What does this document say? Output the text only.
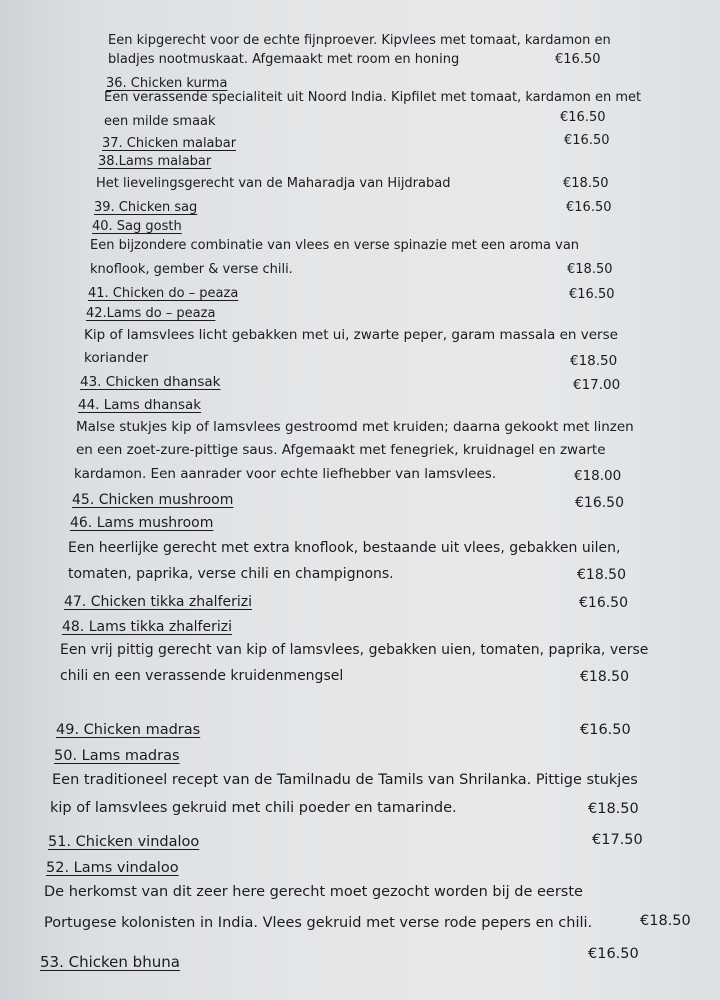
Een kipgerecht voor de echte fijnproever. Kipvlees met tomaat, kardamon en
bladjes nootmuskaat. Afgemaakt met room en honing
36. Chicken kurma
Een verassende specialiteit uit Noord India. Kipfilet met tomaat, kardamon en met
een milde smaak
37. Chicken malabar
38.Lams malabar
Het lievelingsgerecht van de Maharadja van Hijdrabad
39. Chicken sag
40. Sag gosth
Een bijzondere combinatie van vlees en verse spinazie met een aroma van
knoflook, gember & verse chili.
41. Chicken do – peaza
42.Lams do – peaza
Kip of lamsvlees licht gebakken met ui, zwarte peper, garam massala en verse
koriander
43. Chicken dhansak
44. Lams dhansak
Malse stukjes kip of lamsvlees gestroomd met kruiden; daarna gekookt met linzen
en een zoet-zure-pittige saus. Afgemaakt met fenegriek, kruidnagel en zwarte
kardamon. Een aanrader voor echte liefhebber van lamsvlees.
45. Chicken mushroom
46. Lams mushroom
Een heerlijke gerecht met extra knoflook, bestaande uit vlees, gebakken uilen,
tomaten, paprika, verse chili en champignons.
47. Chicken tikka zhalferizi
48. Lams tikka zhalferizi
Een vrij pittig gerecht van kip of lamsvlees, gebakken uien, tomaten, paprika, verse
chili en een verassende kruidenmengsel
49. Chicken madras
50. Lams madras
Een traditioneel recept van de Tamilnadu de Tamils van Shrilanka. Pittige stukjes
kip of lamsvlees gekruid met chili poeder en tamarinde.
51. Chicken vindaloo
52. Lams vindaloo
De herkomst van dit zeer here gerecht moet gezocht worden bij de eerste
Portugese kolonisten in India. Vlees gekruid met verse rode pepers en chili.
53. Chicken bhuna
€16.50
€16.50
€16.50
€18.50
€16.50
€18.50
€16.50
€18.50
€17.00
€18.00
€16.50
€18.50
€16.50
€18.50
€16.50
€18.50
€17.50
€18.50
€16.50
